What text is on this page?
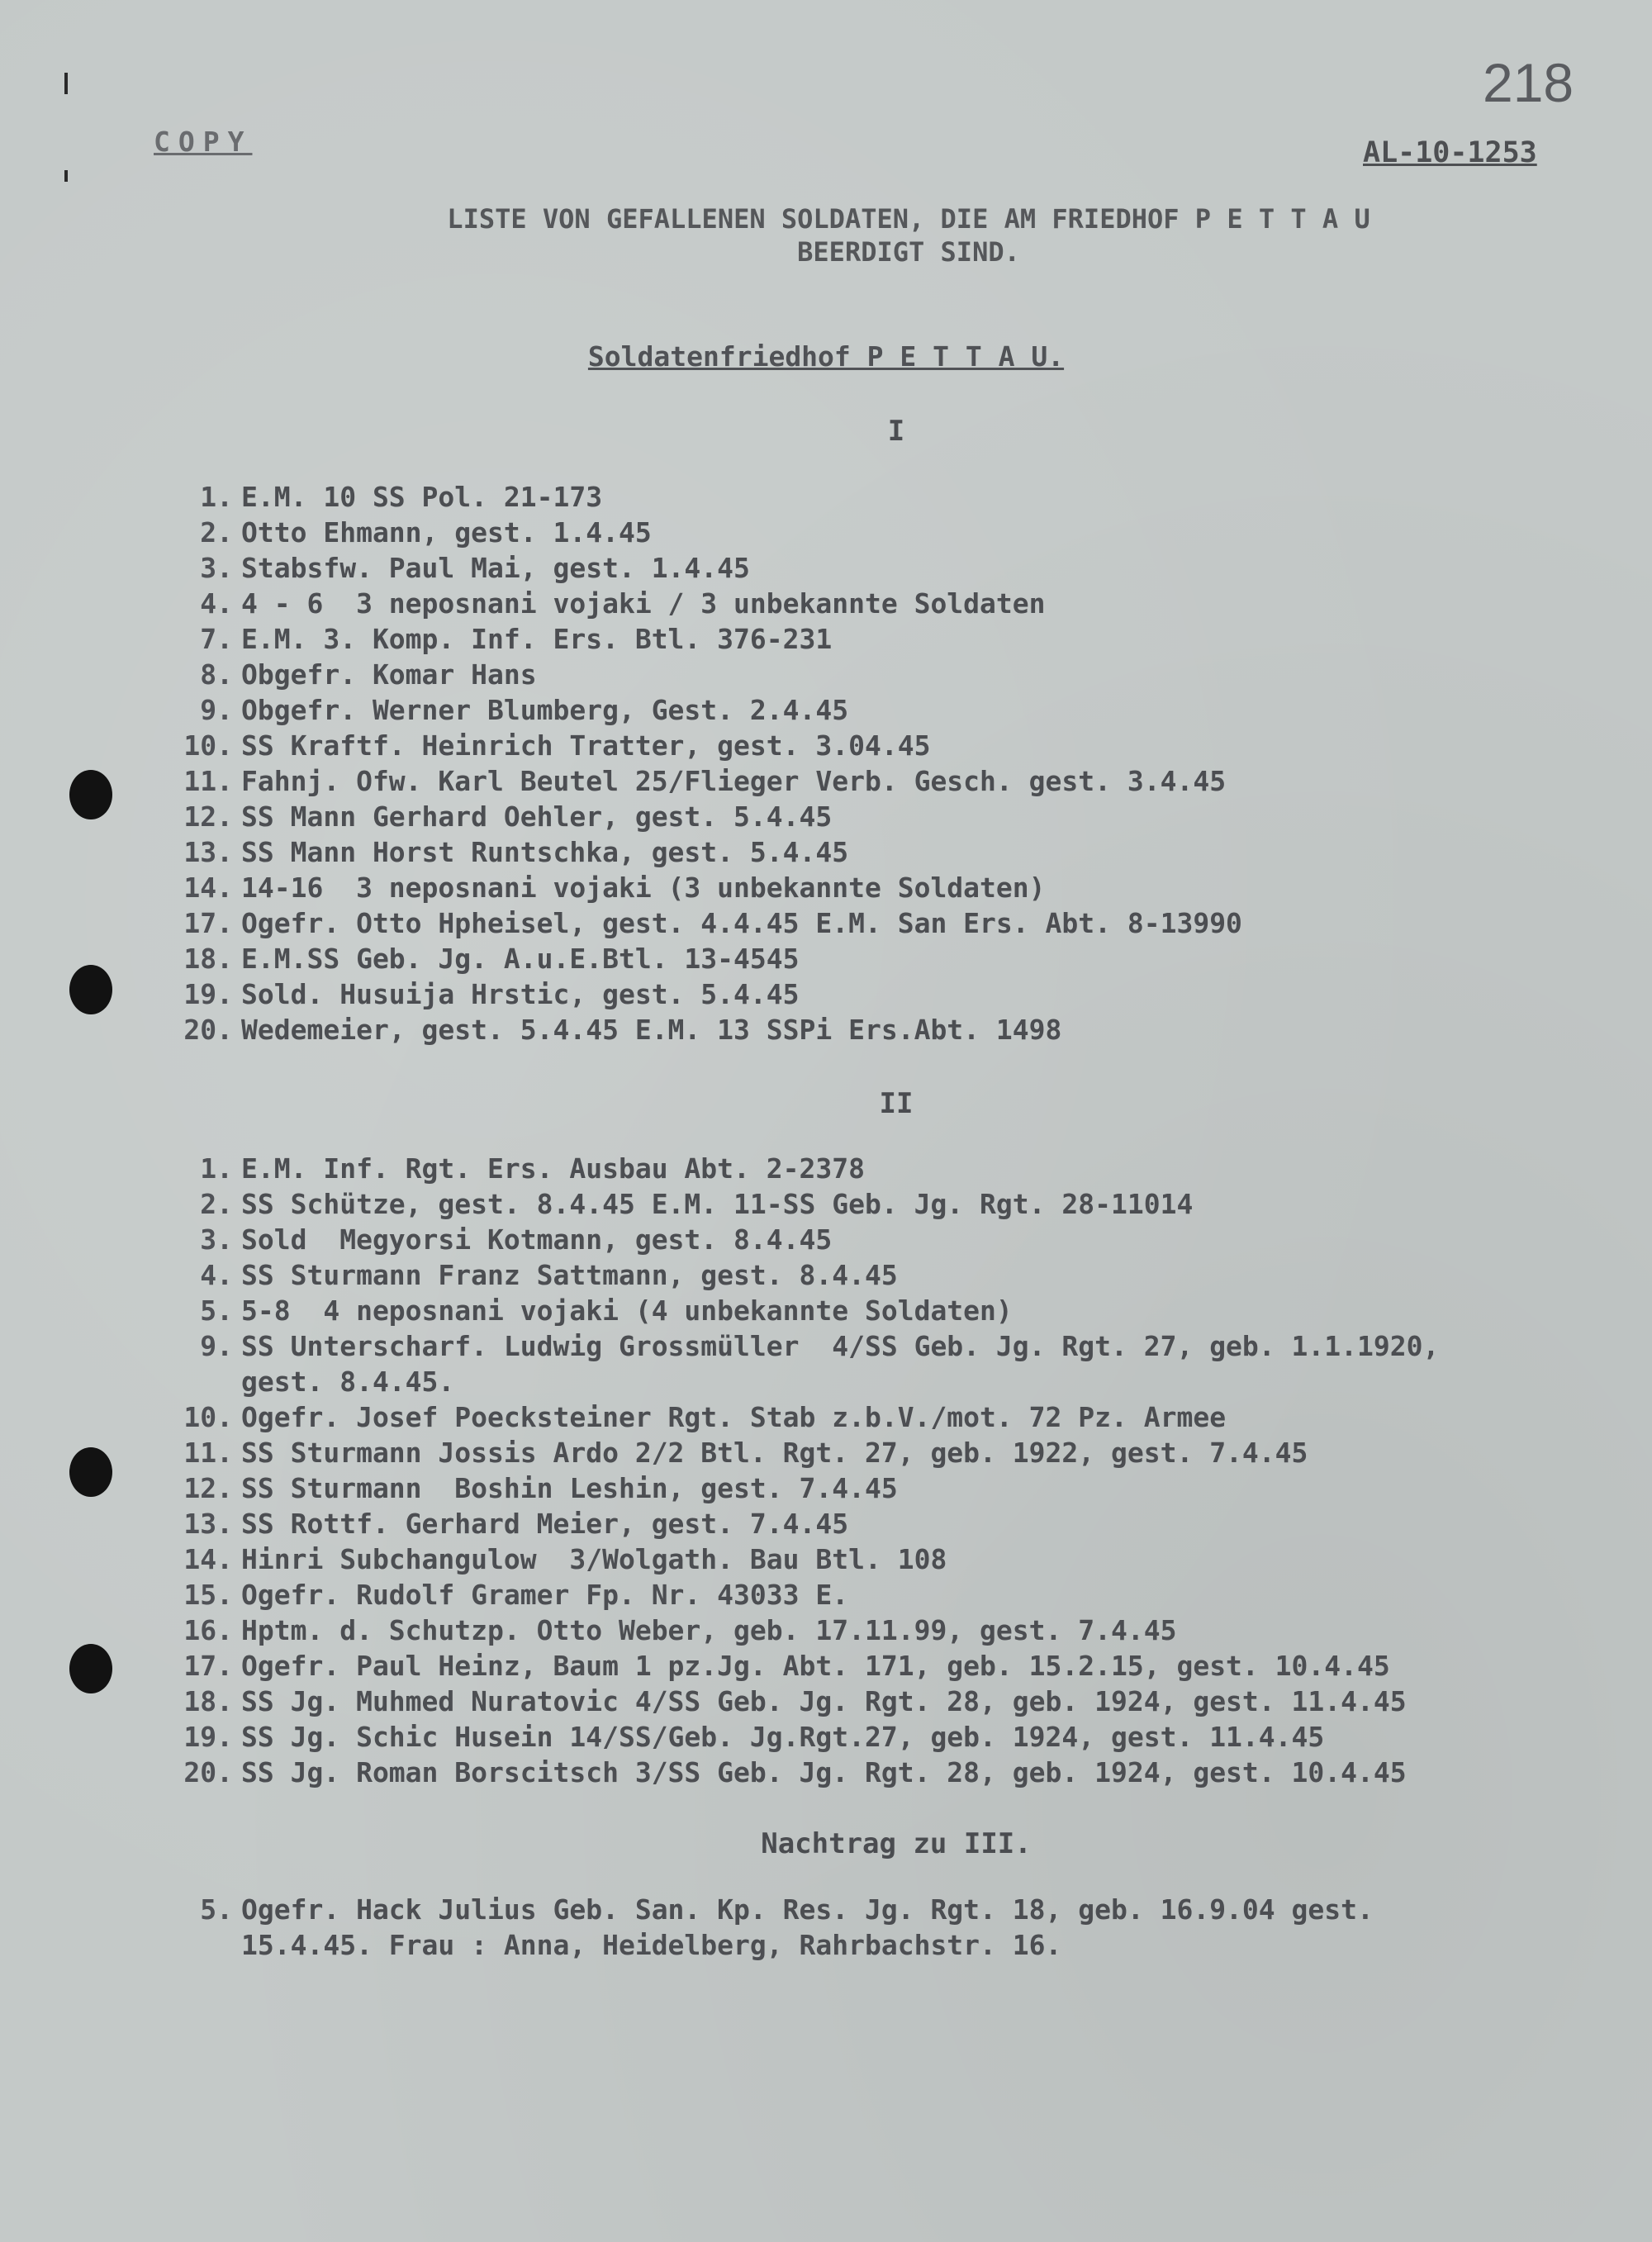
COPY
218
AL-10-1253
LISTE VON GEFALLENEN SOLDATEN, DIE AM FRIEDHOF P E T T A U
BEERDIGT SIND.
Soldatenfriedhof P E T T A U.
I
1. E.M. 10 SS Pol. 21-173
2. Otto Ehmann, gest. 1.4.45
3. Stabsfw. Paul Mai, gest. 1.4.45
4. 4 - 6  3 neposnani vojaki / 3 unbekannte Soldaten
7. E.M. 3. Komp. Inf. Ers. Btl. 376-231
8. Obgefr. Komar Hans
9. Obgefr. Werner Blumberg, Gest. 2.4.45
10. SS Kraftf. Heinrich Tratter, gest. 3.04.45
11. Fahnj. Ofw. Karl Beutel 25/Flieger Verb. Gesch. gest. 3.4.45
12. SS Mann Gerhard Oehler, gest. 5.4.45
13. SS Mann Horst Runtschka, gest. 5.4.45
14. 14-16  3 neposnani vojaki (3 unbekannte Soldaten)
17. Ogefr. Otto Hpheisel, gest. 4.4.45 E.M. San Ers. Abt. 8-13990
18. E.M.SS Geb. Jg. A.u.E.Btl. 13-4545
19. Sold. Husuija Hrstic, gest. 5.4.45
20. Wedemeier, gest. 5.4.45 E.M. 13 SSPi Ers.Abt. 1498
II
1. E.M. Inf. Rgt. Ers. Ausbau Abt. 2-2378
2. SS Schütze, gest. 8.4.45 E.M. 11-SS Geb. Jg. Rgt. 28-11014
3. Sold  Megyorsi Kotmann, gest. 8.4.45
4. SS Sturmann Franz Sattmann, gest. 8.4.45
5. 5-8  4 neposnani vojaki (4 unbekannte Soldaten)
9. SS Unterscharf. Ludwig Grossmüller  4/SS Geb. Jg. Rgt. 27, geb. 1.1.1920,
gest. 8.4.45.
10. Ogefr. Josef Poecksteiner Rgt. Stab z.b.V./mot. 72 Pz. Armee
11. SS Sturmann Jossis Ardo 2/2 Btl. Rgt. 27, geb. 1922, gest. 7.4.45
12. SS Sturmann  Boshin Leshin, gest. 7.4.45
13. SS Rottf. Gerhard Meier, gest. 7.4.45
14. Hinri Subchangulow  3/Wolgath. Bau Btl. 108
15. Ogefr. Rudolf Gramer Fp. Nr. 43033 E.
16. Hptm. d. Schutzp. Otto Weber, geb. 17.11.99, gest. 7.4.45
17. Ogefr. Paul Heinz, Baum 1 pz.Jg. Abt. 171, geb. 15.2.15, gest. 10.4.45
18. SS Jg. Muhmed Nuratovic 4/SS Geb. Jg. Rgt. 28, geb. 1924, gest. 11.4.45
19. SS Jg. Schic Husein 14/SS/Geb. Jg.Rgt.27, geb. 1924, gest. 11.4.45
20. SS Jg. Roman Borscitsch 3/SS Geb. Jg. Rgt. 28, geb. 1924, gest. 10.4.45
Nachtrag zu III.
5. Ogefr. Hack Julius Geb. San. Kp. Res. Jg. Rgt. 18, geb. 16.9.04 gest.
15.4.45. Frau : Anna, Heidelberg, Rahrbachstr. 16.
